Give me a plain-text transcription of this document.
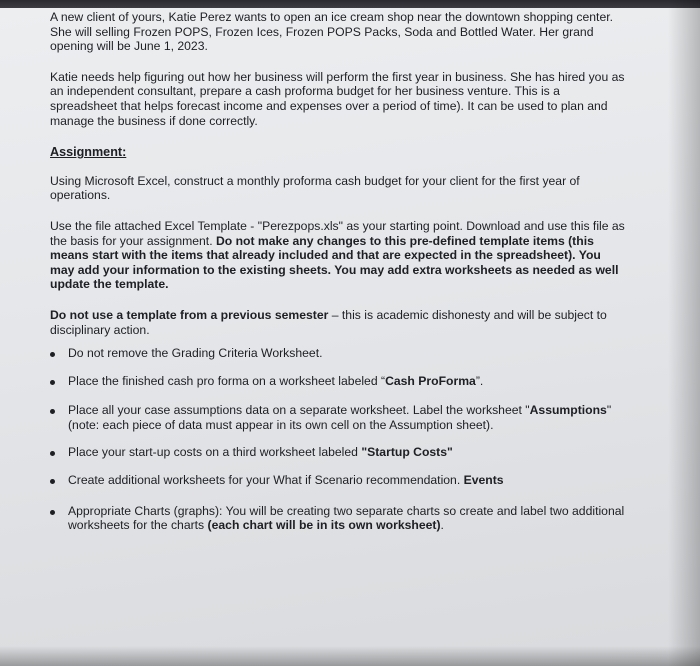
A new client of yours, Katie Perez wants to open an ice cream shop near the downtown shopping center. She will selling Frozen POPS, Frozen Ices, Frozen POPS Packs, Soda and Bottled Water. Her grand opening will be June 1, 2023.

Katie needs help figuring out how her business will perform the first year in business. She has hired you as an independent consultant, prepare a cash proforma budget for her business venture. This is a spreadsheet that helps forecast income and expenses over a period of time). It can be used to plan and manage the business if done correctly.

Assignment:

Using Microsoft Excel, construct a monthly proforma cash budget for your client for the first year of operations.

Use the file attached Excel Template - "Perezpops.xls" as your starting point. Download and use this file as the basis for your assignment. Do not make any changes to this pre-defined template items (this means start with the items that already included and that are expected in the spreadsheet). You may add your information to the existing sheets. You may add extra worksheets as needed as well update the template.

Do not use a template from a previous semester – this is academic dishonesty and will be subject to disciplinary action.

Do not remove the Grading Criteria Worksheet.
Place the finished cash pro forma on a worksheet labeled “Cash ProForma”.
Place all your case assumptions data on a separate worksheet. Label the worksheet "Assumptions" (note: each piece of data must appear in its own cell on the Assumption sheet).
Place your start-up costs on a third worksheet labeled "Startup Costs"
Create additional worksheets for your What if Scenario recommendation. Events
Appropriate Charts (graphs): You will be creating two separate charts so create and label two additional worksheets for the charts (each chart will be in its own worksheet).
